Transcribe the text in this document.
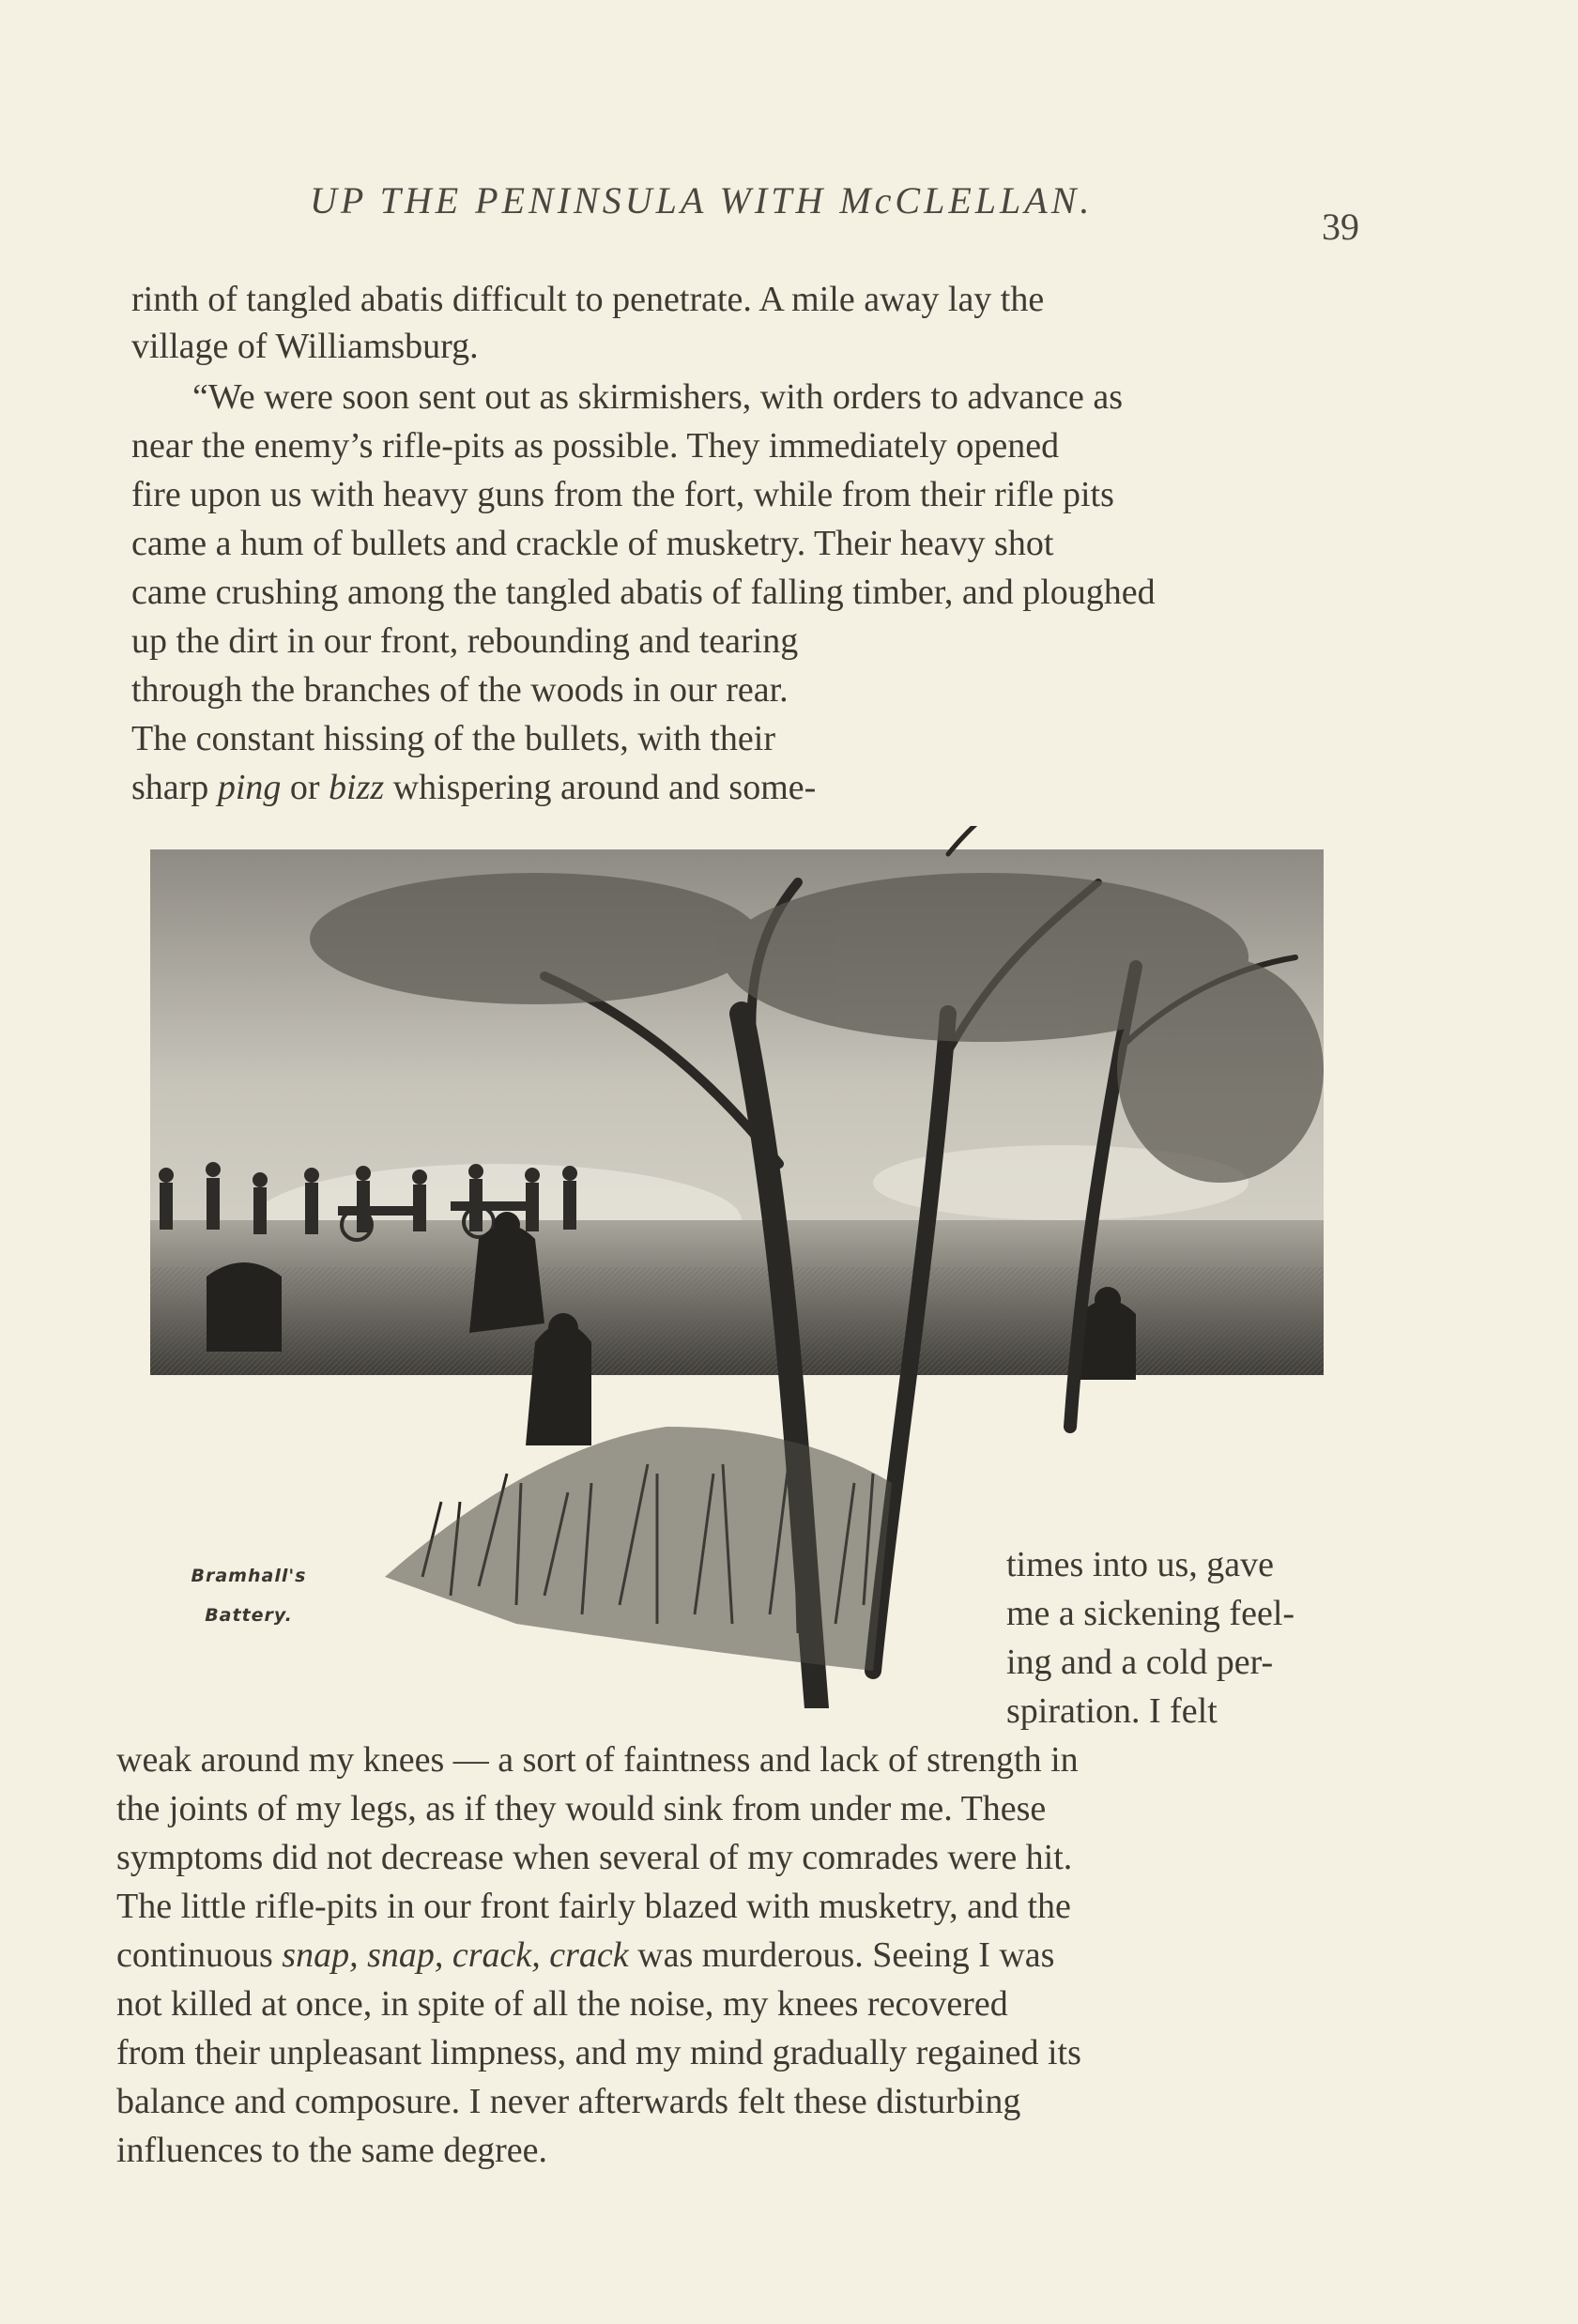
UP THE PENINSULA WITH McCLELLAN.
39
rinth of tangled abatis difficult to penetrate. A mile away lay the
village of Williamsburg.
“We were soon sent out as skirmishers, with orders to advance as
near the enemy’s rifle-pits as possible. They immediately opened
fire upon us with heavy guns from the fort, while from their rifle pits
came a hum of bullets and crackle of musketry. Their heavy shot
came crushing among the tangled abatis of falling timber, and ploughed
up the dirt in our front, rebounding and tearing
through the branches of the woods in our rear.
The constant hissing of the bullets, with their
sharp ping or bizz whispering around and some-
Bramhall's
Battery.
times into us, gave
me a sickening feel-
ing and a cold per-
spiration. I felt
weak around my knees — a sort of faintness and lack of strength in
the joints of my legs, as if they would sink from under me. These
symptoms did not decrease when several of my comrades were hit.
The little rifle-pits in our front fairly blazed with musketry, and the
continuous snap, snap, crack, crack was murderous. Seeing I was
not killed at once, in spite of all the noise, my knees recovered
from their unpleasant limpness, and my mind gradually regained its
balance and composure. I never afterwards felt these disturbing
influences to the same degree.
